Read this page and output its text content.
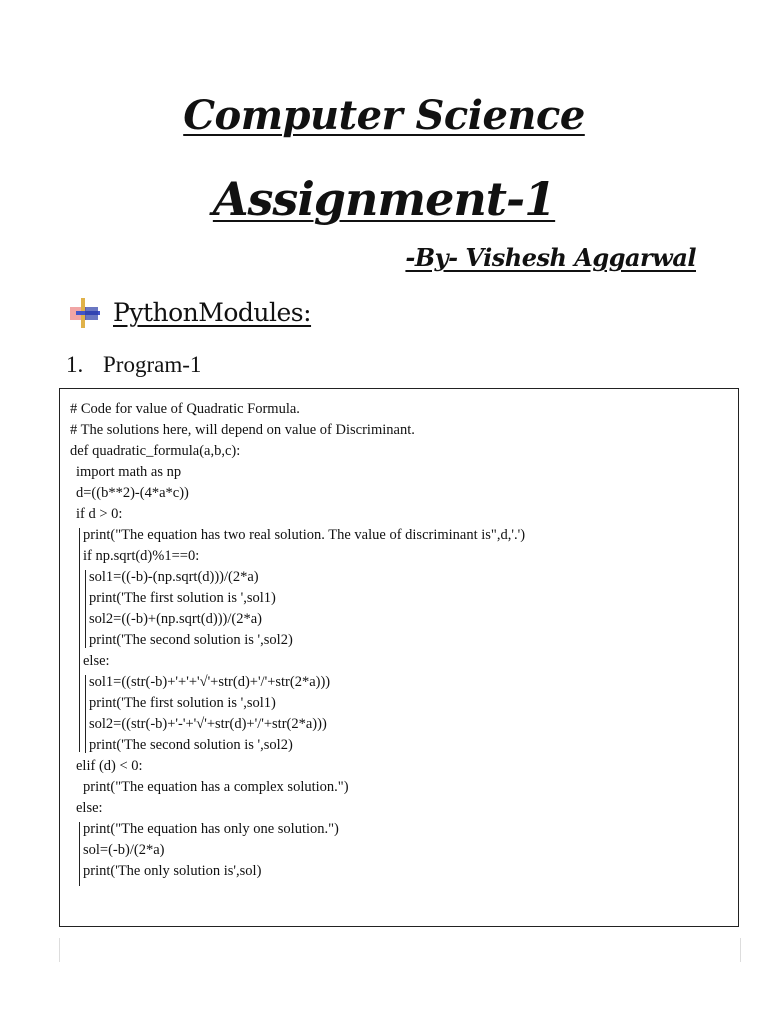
Computer Science
Assignment-1
-By- Vishesh Aggarwal
PythonModules:
1. Program-1
# Code for value of Quadratic Formula.
# The solutions here, will depend on value of Discriminant.
def quadratic_formula(a,b,c):
import math as np
d=((b**2)-(4*a*c))
if d > 0:
print("The equation has two real solution. The value of discriminant is",d,'.')
if np.sqrt(d)%1==0:
sol1=((-b)-(np.sqrt(d)))/(2*a)
print('The first solution is ',sol1)
sol2=((-b)+(np.sqrt(d)))/(2*a)
print('The second solution is ',sol2)
else:
sol1=((str(-b)+'+'+'√'+str(d)+'/'+str(2*a)))
print('The first solution is ',sol1)
sol2=((str(-b)+'-'+'√'+str(d)+'/'+str(2*a)))
print('The second solution is ',sol2)
elif (d) < 0:
print("The equation has a complex solution.")
else:
print("The equation has only one solution.")
sol=(-b)/(2*a)
print('The only solution is',sol)
